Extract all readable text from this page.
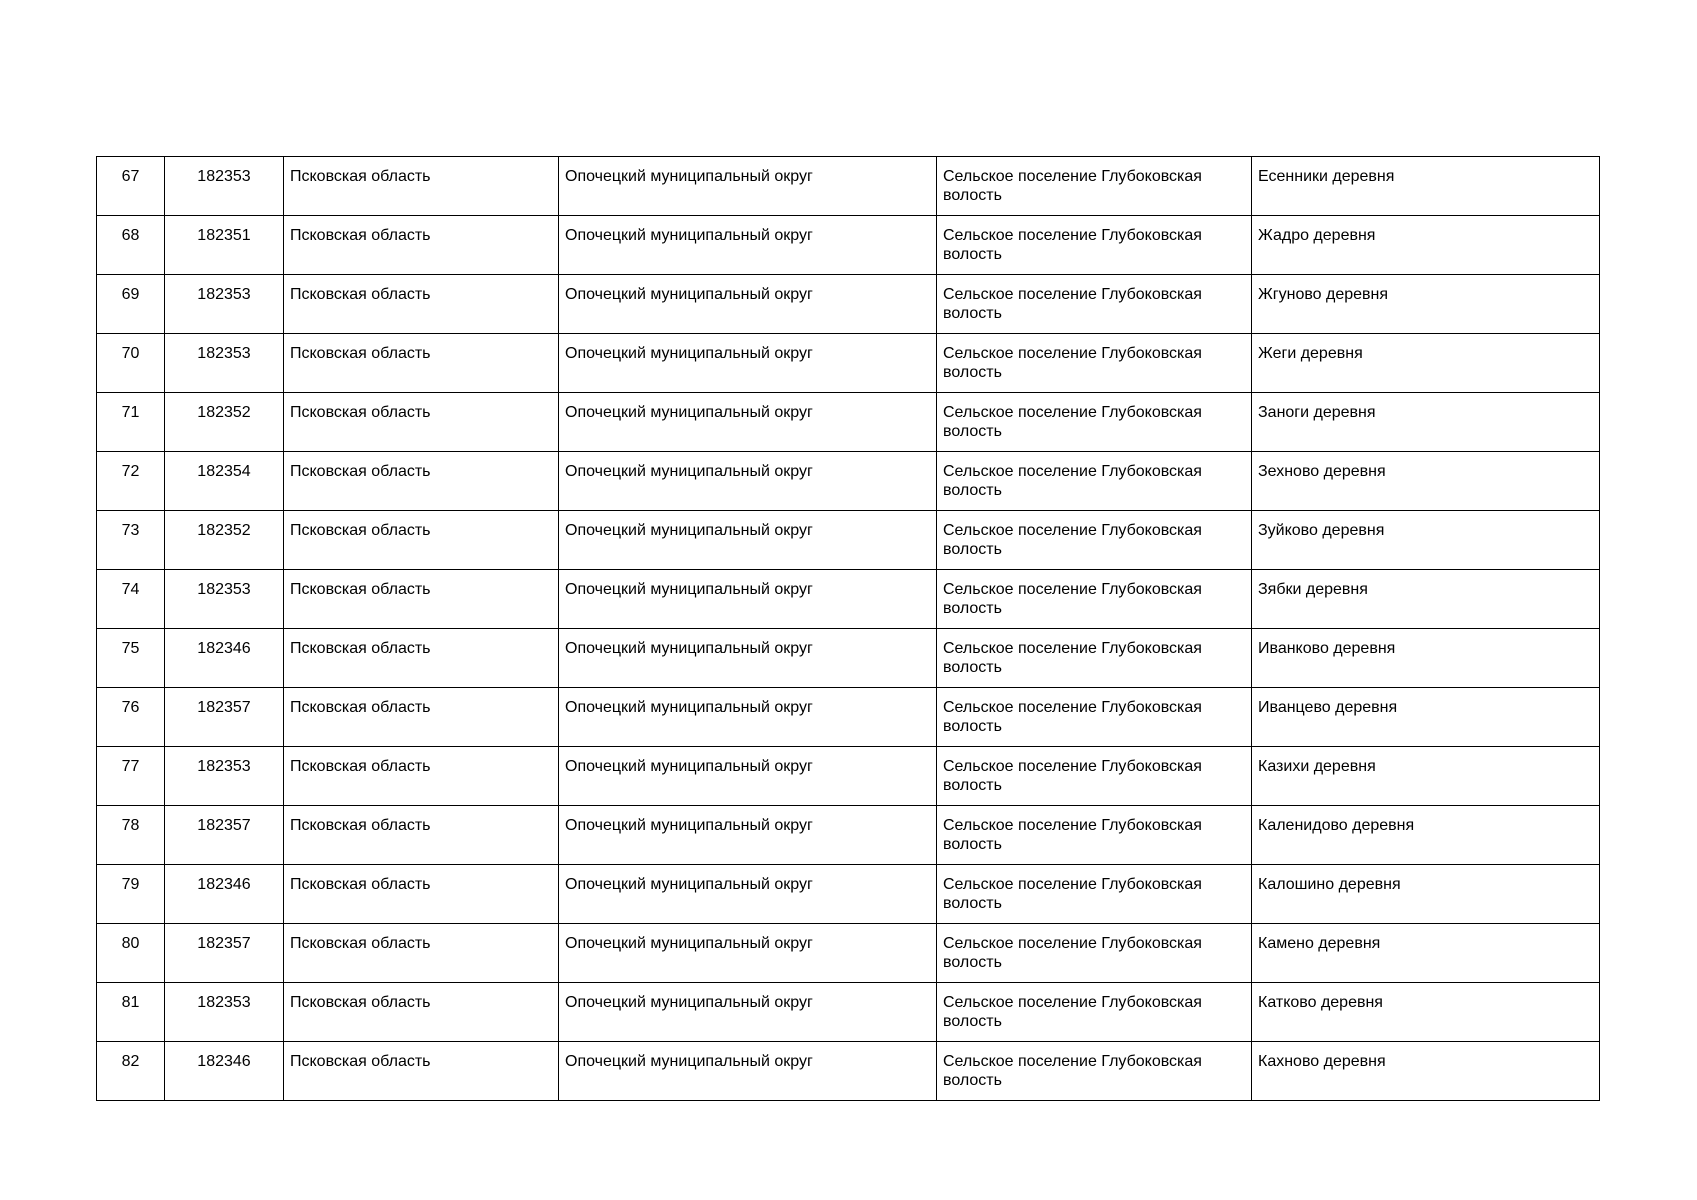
67	182353	Псковская область	Опочецкий муниципальный округ	Сельское поселение Глубоковская волость	Есенники деревня
68	182351	Псковская область	Опочецкий муниципальный округ	Сельское поселение Глубоковская волость	Жадро деревня
69	182353	Псковская область	Опочецкий муниципальный округ	Сельское поселение Глубоковская волость	Жгуново деревня
70	182353	Псковская область	Опочецкий муниципальный округ	Сельское поселение Глубоковская волость	Жеги деревня
71	182352	Псковская область	Опочецкий муниципальный округ	Сельское поселение Глубоковская волость	Заноги деревня
72	182354	Псковская область	Опочецкий муниципальный округ	Сельское поселение Глубоковская волость	Зехново деревня
73	182352	Псковская область	Опочецкий муниципальный округ	Сельское поселение Глубоковская волость	Зуйково деревня
74	182353	Псковская область	Опочецкий муниципальный округ	Сельское поселение Глубоковская волость	Зябки деревня
75	182346	Псковская область	Опочецкий муниципальный округ	Сельское поселение Глубоковская волость	Иванково деревня
76	182357	Псковская область	Опочецкий муниципальный округ	Сельское поселение Глубоковская волость	Иванцево деревня
77	182353	Псковская область	Опочецкий муниципальный округ	Сельское поселение Глубоковская волость	Казихи деревня
78	182357	Псковская область	Опочецкий муниципальный округ	Сельское поселение Глубоковская волость	Каленидово деревня
79	182346	Псковская область	Опочецкий муниципальный округ	Сельское поселение Глубоковская волость	Калошино деревня
80	182357	Псковская область	Опочецкий муниципальный округ	Сельское поселение Глубоковская волость	Камено деревня
81	182353	Псковская область	Опочецкий муниципальный округ	Сельское поселение Глубоковская волость	Катково деревня
82	182346	Псковская область	Опочецкий муниципальный округ	Сельское поселение Глубоковская волость	Кахново деревня
